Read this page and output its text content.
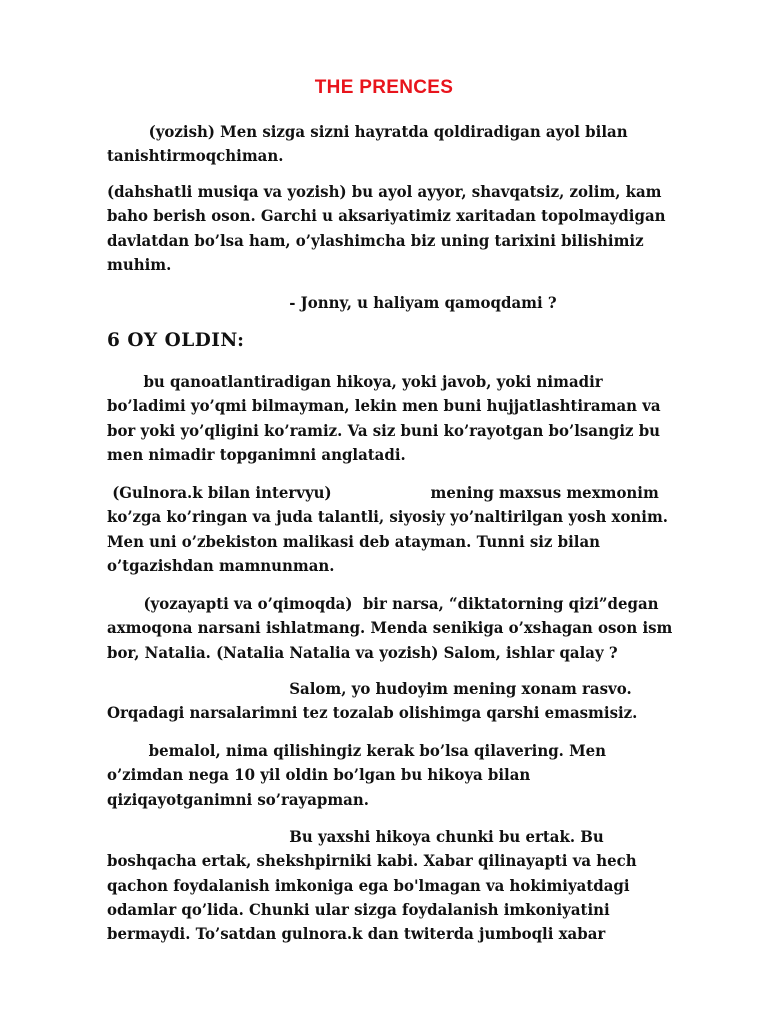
THE PRENCES
(yozish) Men sizga sizni hayratda qoldiradigan ayol bilan
tanishtirmoqchiman.
(dahshatli musiqa va yozish) bu ayol ayyor, shavqatsiz, zolim, kam
baho berish oson. Garchi u aksariyatimiz xaritadan topolmaydigan
davlatdan bo’lsa ham, o’ylashimcha biz uning tarixini bilishimiz
muhim.
- Jonny, u haliyam qamoqdami ?
6 OY OLDIN:
bu qanoatlantiradigan hikoya, yoki javob, yoki nimadir
bo’ladimi yo’qmi bilmayman, lekin men buni hujjatlashtiraman va
bor yoki yo’qligini ko’ramiz. Va siz buni ko’rayotgan bo’lsangiz bu
men nimadir topganimni anglatadi.
(Gulnora.k bilan intervyu)                   mening maxsus mexmonim
ko’zga ko’ringan va juda talantli, siyosiy yo’naltirilgan yosh xonim.
Men uni o’zbekiston malikasi deb atayman. Tunni siz bilan
o’tgazishdan mamnunman.
(yozayapti va o’qimoqda)  bir narsa, “diktatorning qizi”degan
axmoqona narsani ishlatmang. Menda senikiga o’xshagan oson ism
bor, Natalia. (Natalia Natalia va yozish) Salom, ishlar qalay ?
Salom, yo hudoyim mening xonam rasvo.
Orqadagi narsalarimni tez tozalab olishimga qarshi emasmisiz.
bemalol, nima qilishingiz kerak bo’lsa qilavering. Men
o’zimdan nega 10 yil oldin bo’lgan bu hikoya bilan
qiziqayotganimni so’rayapman.
Bu yaxshi hikoya chunki bu ertak. Bu
boshqacha ertak, shekshpirniki kabi. Xabar qilinayapti va hech
qachon foydalanish imkoniga ega bo'lmagan va hokimiyatdagi
odamlar qo’lida. Chunki ular sizga foydalanish imkoniyatini
bermaydi. To’satdan gulnora.k dan twiterda jumboqli xabar
